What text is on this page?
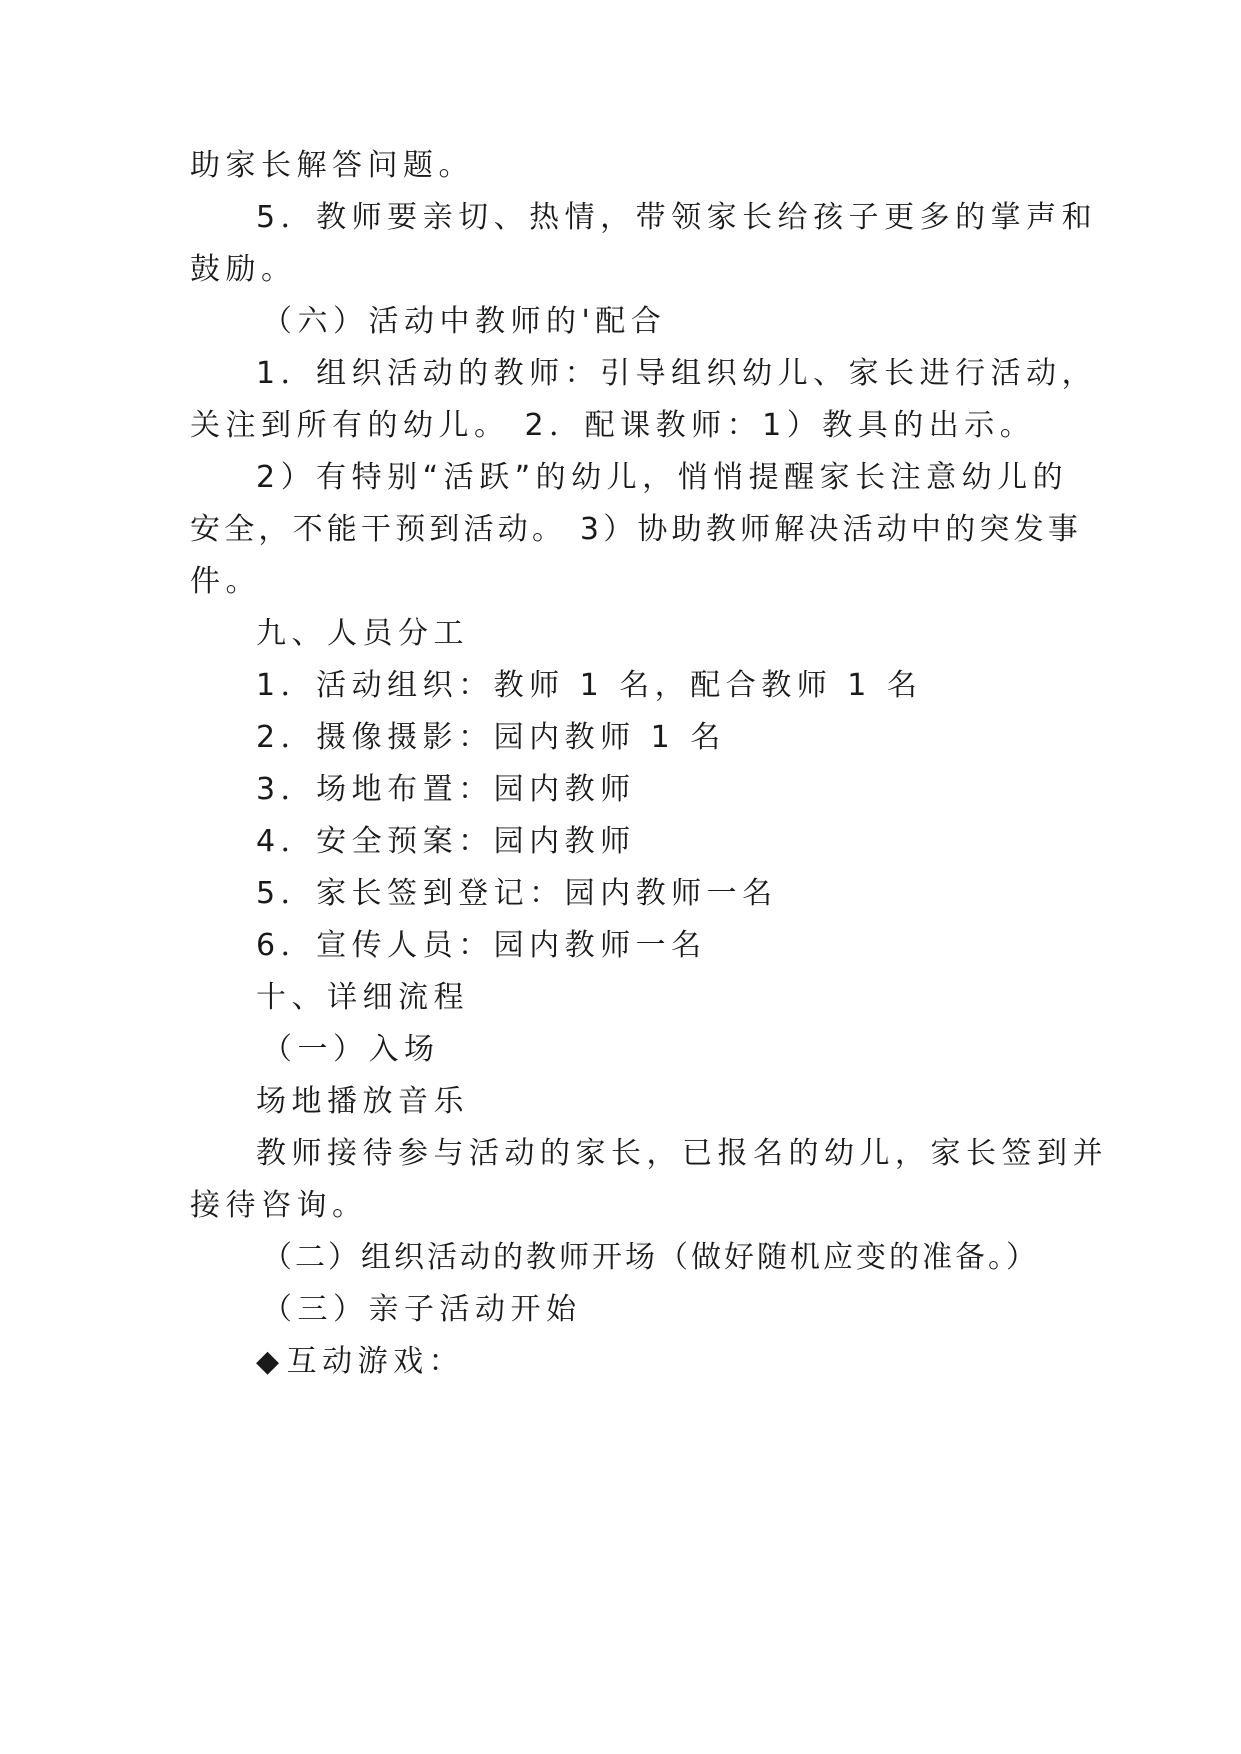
助家长解答问题。
5．教师要亲切、热情，带领家长给孩子更多的掌声和
鼓励。
（六）活动中教师的'配合
1．组织活动的教师：引导组织幼儿、家长进行活动，
关注到所有的幼儿。 2．配课教师：1）教具的出示。
2）有特别“活跃”的幼儿，悄悄提醒家长注意幼儿的
安全，不能干预到活动。 3）协助教师解决活动中的突发事
件。
九、人员分工
1．活动组织：教师 1 名，配合教师 1 名
2．摄像摄影：园内教师 1 名
3．场地布置：园内教师
4．安全预案：园内教师
5．家长签到登记：园内教师一名
6．宣传人员：园内教师一名
十、详细流程
（一）入场
场地播放音乐
教师接待参与活动的家长，已报名的幼儿，家长签到并
接待咨询。
（二）组织活动的教师开场（做好随机应变的准备。）
（三）亲子活动开始
◆互动游戏：
